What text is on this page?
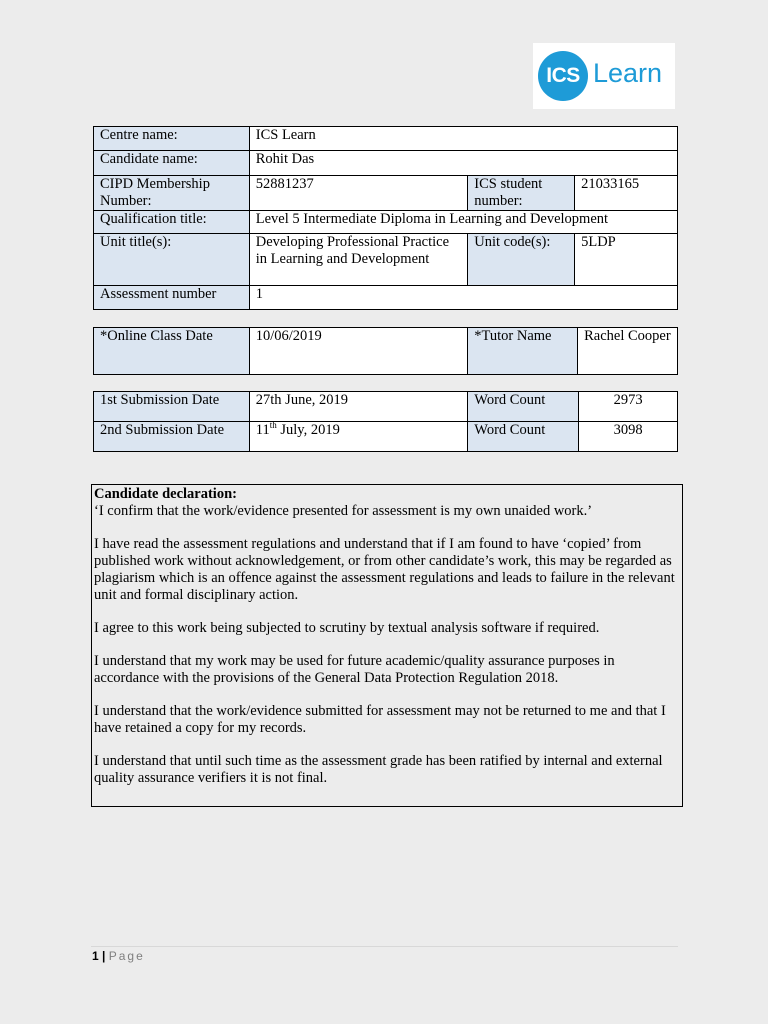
ICS Learn
Centre name:	ICS Learn		
Candidate name:	Rohit Das		
CIPD Membership Number:	52881237	ICS student number:	21033165
Qualification title:	Level 5 Intermediate Diploma in Learning and Development		
Unit title(s):	Developing Professional Practice in Learning and Development	Unit code(s):	5LDP
Assessment number	1		
*Online Class Date	10/06/2019	*Tutor Name	Rachel Cooper
1st Submission Date	27th June, 2019	Word Count	2973
2nd Submission Date	11th July, 2019	Word Count	3098

Candidate declaration:

‘I confirm that the work/evidence presented for assessment is my own unaided work.’

I have read the assessment regulations and understand that if I am found to have ‘copied’ from published work without acknowledgement, or from other candidate’s work, this may be regarded as plagiarism which is an offence against the assessment regulations and leads to failure in the relevant unit and formal disciplinary action.

I agree to this work being subjected to scrutiny by textual analysis software if required.

I understand that my work may be used for future academic/quality assurance purposes in accordance with the provisions of the General Data Protection Regulation 2018.

I understand that the work/evidence submitted for assessment may not be returned to me and that I have retained a copy for my records.

I understand that until such time as the assessment grade has been ratified by internal and external quality assurance verifiers it is not final.

1 | Page
